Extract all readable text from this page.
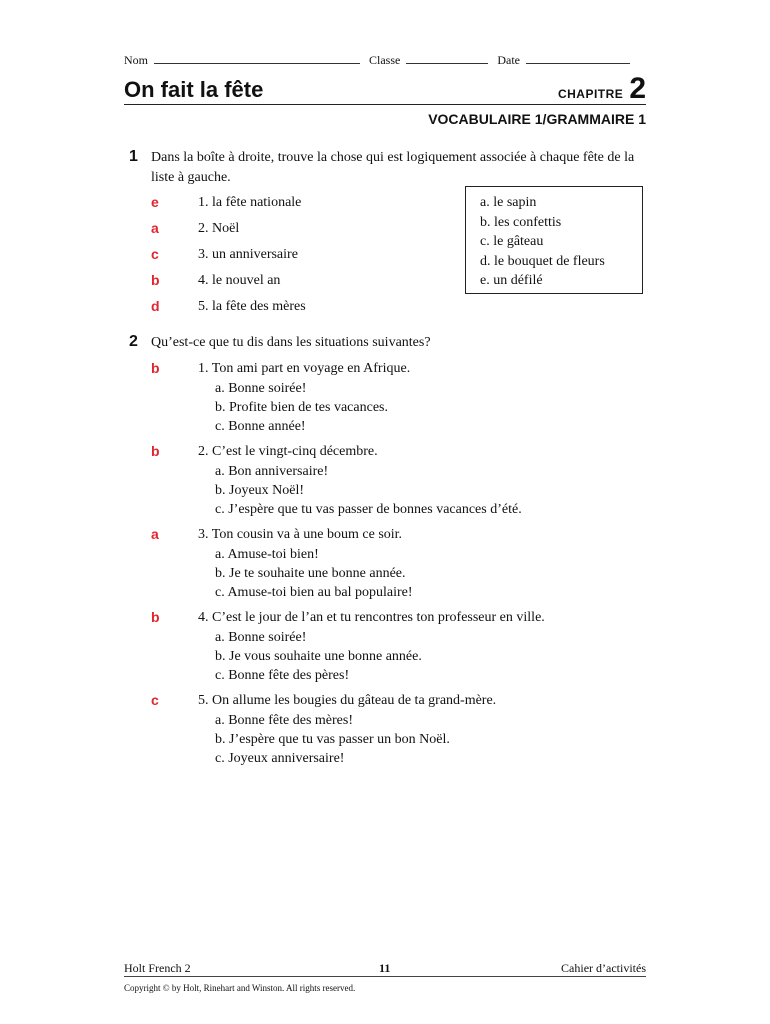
Nom	Classe	Date
On fait la fête	CHAPITRE 2
VOCABULAIRE 1/GRAMMAIRE 1
1 Dans la boîte à droite, trouve la chose qui est logiquement associée à chaque fête de la liste à gauche.
e	1. la fête nationale
a	2. Noël
c	3. un anniversaire
b	4. le nouvel an
d	5. la fête des mères
a. le sapin
b. les confettis
c. le gâteau
d. le bouquet de fleurs
e. un défilé
2 Qu’est-ce que tu dis dans les situations suivantes?
b	1. Ton ami part en voyage en Afrique.
a. Bonne soirée!
b. Profite bien de tes vacances.
c. Bonne année!
b	2. C’est le vingt-cinq décembre.
a. Bon anniversaire!
b. Joyeux Noël!
c. J’espère que tu vas passer de bonnes vacances d’été.
a	3. Ton cousin va à une boum ce soir.
a. Amuse-toi bien!
b. Je te souhaite une bonne année.
c. Amuse-toi bien au bal populaire!
b	4. C’est le jour de l’an et tu rencontres ton professeur en ville.
a. Bonne soirée!
b. Je vous souhaite une bonne année.
c. Bonne fête des pères!
c	5. On allume les bougies du gâteau de ta grand-mère.
a. Bonne fête des mères!
b. J’espère que tu vas passer un bon Noël.
c. Joyeux anniversaire!
Holt French 2	11	Cahier d’activités
Copyright © by Holt, Rinehart and Winston. All rights reserved.
